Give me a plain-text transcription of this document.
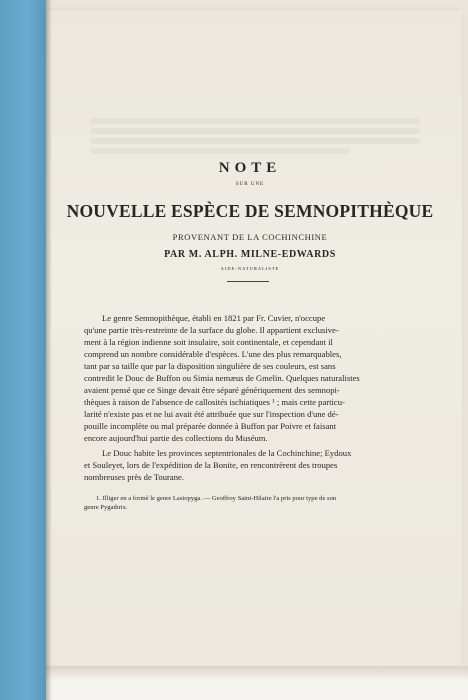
NOTE
SUR UNE
NOUVELLE ESPÈCE DE SEMNOPITHÈQUE
PROVENANT DE LA COCHINCHINE
PAR M. ALPH. MILNE-EDWARDS
AIDE-NATURALISTE
Le genre Semnopithèque, établi en 1821 par Fr. Cuvier, n'occupe
qu'une partie très-restreinte de la surface du globe. Il appartient exclusive-
ment à la région indienne soit insulaire, soit continentale, et cependant il
comprend un nombre considérable d'espèces. L'une des plus remarquables,
tant par sa taille que par la disposition singulière de ses couleurs, est sans
contredit le Douc de Buffon ou Simia nemæus de Gmelin. Quelques naturalistes
avaient pensé que ce Singe devait être séparé génériquement des semnopi-
thèques à raison de l'absence de callosités ischiatiques ¹ ; mais cette particu-
larité n'existe pas et ne lui avait été attribuée que sur l'inspection d'une dé-
pouille incomplète ou mal préparée donnée à Buffon par Poivre et faisant
encore aujourd'hui partie des collections du Muséum.
Le Douc habite les provinces septentrionales de la Cochinchine; Eydoux
et Souleyet, lors de l'expédition de la Bonite, en rencontrèrent des troupes
nombreuses près de Tourane.
1. Illiger en a formé le genre Lasiopyga. — Geoffroy Saint-Hilaire l'a pris pour type de son
genre Pygathrix.
